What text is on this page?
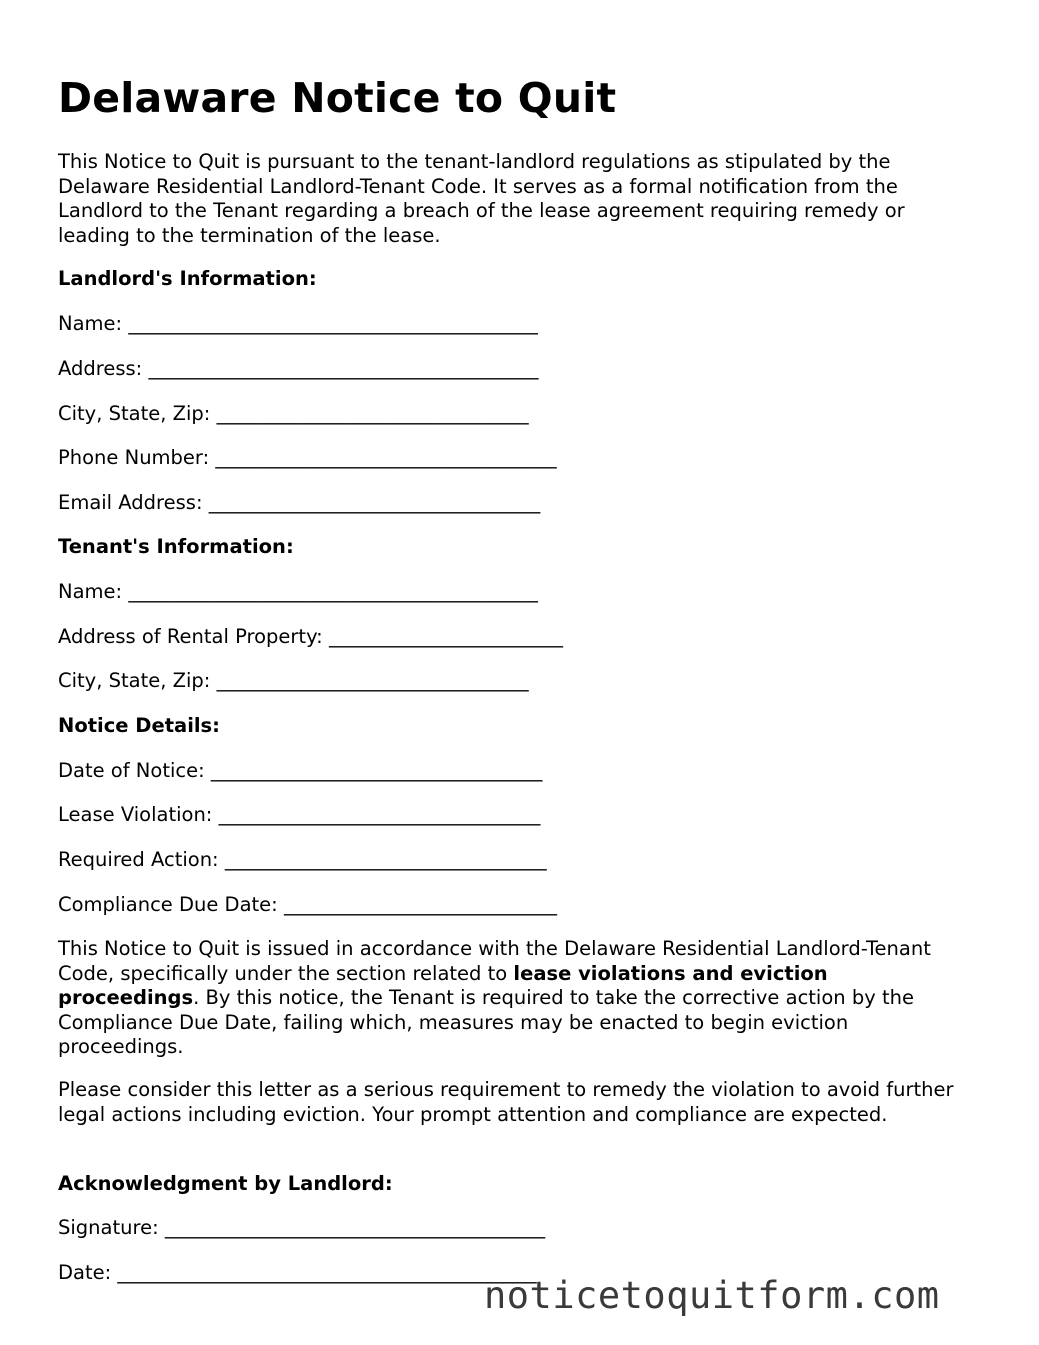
Delaware Notice to Quit

This Notice to Quit is pursuant to the tenant-landlord regulations as stipulated by the Delaware Residential Landlord-Tenant Code. It serves as a formal notification from the Landlord to the Tenant regarding a breach of the lease agreement requiring remedy or leading to the termination of the lease.

Landlord's Information:
Name: __________________________________________
Address: ________________________________________
City, State, Zip: ________________________________
Phone Number: ___________________________________
Email Address: __________________________________
Tenant's Information:
Name: __________________________________________
Address of Rental Property: ________________________
City, State, Zip: ________________________________
Notice Details:
Date of Notice: __________________________________
Lease Violation: _________________________________
Required Action: _________________________________
Compliance Due Date: ____________________________

This Notice to Quit is issued in accordance with the Delaware Residential Landlord-Tenant Code, specifically under the section related to lease violations and eviction proceedings. By this notice, the Tenant is required to take the corrective action by the Compliance Due Date, failing which, measures may be enacted to begin eviction proceedings.

Please consider this letter as a serious requirement to remedy the violation to avoid further legal actions including eviction. Your prompt attention and compliance are expected.

Acknowledgment by Landlord:
Signature: _______________________________________
Date: ___________________________________________
noticetoquitform.com
